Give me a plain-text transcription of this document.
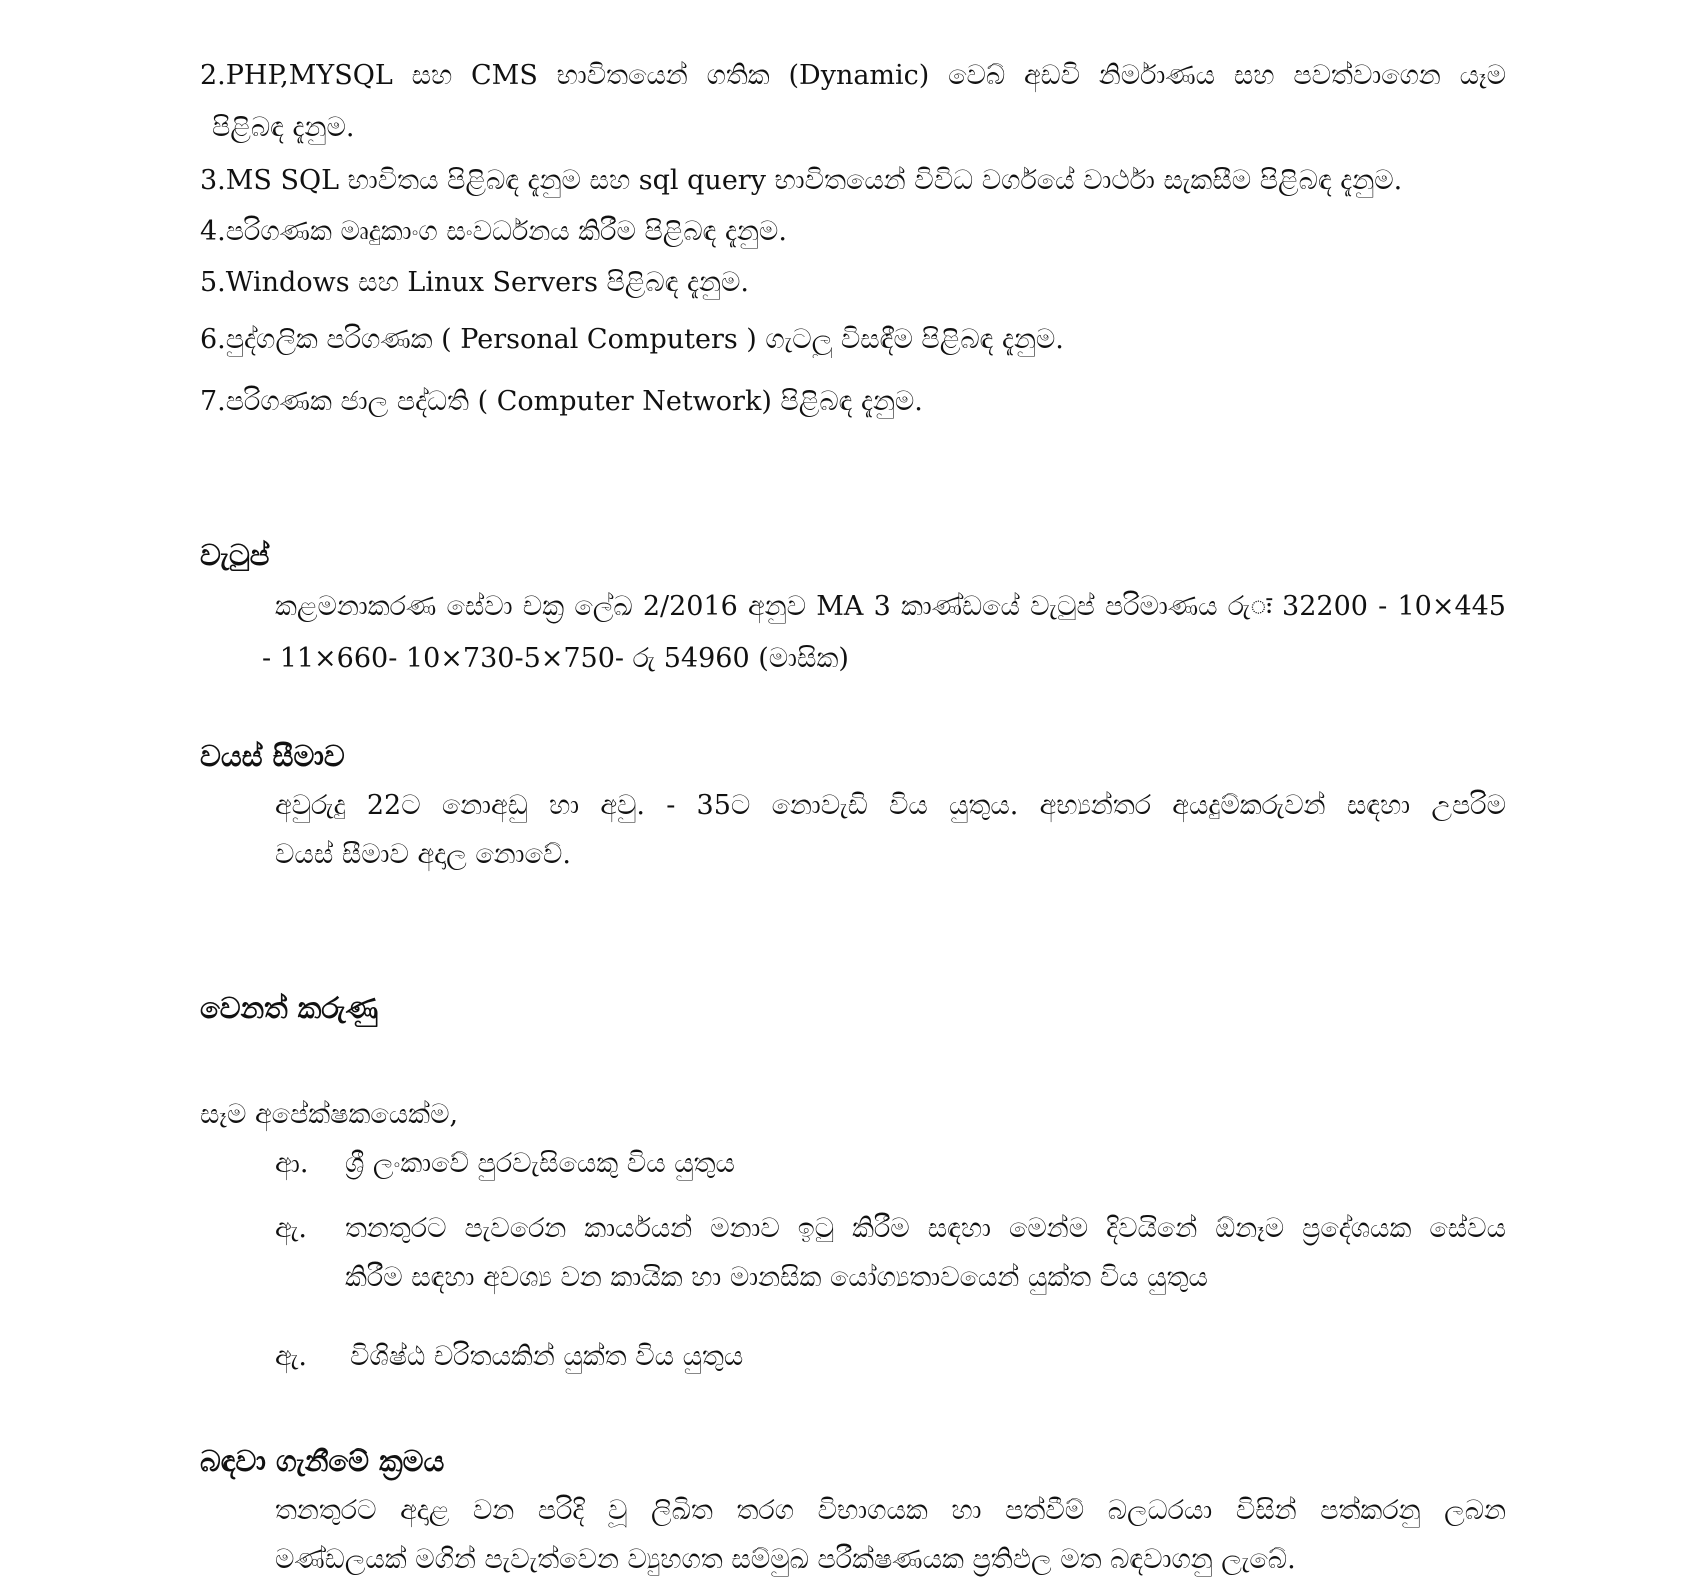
2.PHP,MYSQL සහ CMS භාවිතයෙන් ගතික (Dynamic) වෙබ් අඩවි නිර්මාණය සහ පවත්වාගෙන යෑම
පිළිබඳ දැනුම.
3.MS SQL භාවිතය පිළිබඳ දැනුම සහ sql query භාවිතයෙන් විවිධ වර්ගයේ වාර්ථා සැකසීම පිළිබඳ දැනුම.
4.පරිගණක මෘදුකාංග සංවර්ධනය කිරීම පිළිබඳ දැනුම.
5.Windows සහ Linux Servers පිළිබඳ දැනුම.
6.පුද්ගලික පරිගණක ( Personal Computers ) ගැටලු විසඳීම පිළිබඳ දැනුම.
7.පරිගණක ජාල පද්ධති ( Computer Network) පිළිබඳ දැනුම.
වැටුප්
කළමනාකරණ සේවා චක්‍ර ලේඛ 2/2016 අනුව MA 3 කාණ්ඩයේ වැටුප් පරිමාණය රුः 32200 - 10×445
- 11×660- 10×730-5×750- රු 54960 (මාසික)
වයස් සීමාව
අවුරුදු 22ට නොඅඩු හා අවු. - 35ට නොවැඩි විය යුතුය. අභ්‍යන්තර අයදුම්කරුවන් සඳහා උපරිම
වයස් සීමාව අදාල නොවේ.
වෙනත් කරුණු
සෑම අපේක්ෂකයෙක්ම,
ආ.	ශ්‍රී ලංකාවේ පුරවැසියෙකු විය යුතුය
ඇ.	තනතුරට පැවරෙන කාර්යයන් මනාව ඉටු කිරීම සඳහා මෙන්ම දිවයිනේ ඕනෑම ප්‍රදේශයක සේවය
කිරීම සඳහා අවශ්‍ය වන කායික හා මානසික යෝග්‍යතාවයෙන් යුක්ත විය යුතුය
ඇ.	විශිෂ්ඨ චරිතයකින් යුක්ත විය යුතුය
බඳවා ගැනීමේ ක්‍රමය
තනතුරට අදාළ වන පරිදි වූ ලිඛිත තරග විභාගයක හා පත්වීම් බලධරයා විසින් පත්කරනු ලබන
මණ්ඩලයක් මගින් පැවැත්වෙන ව්‍යුහගත සම්මුඛ පරීක්ෂණයක ප්‍රතිඵල මත බඳවාගනු ලැබේ.
